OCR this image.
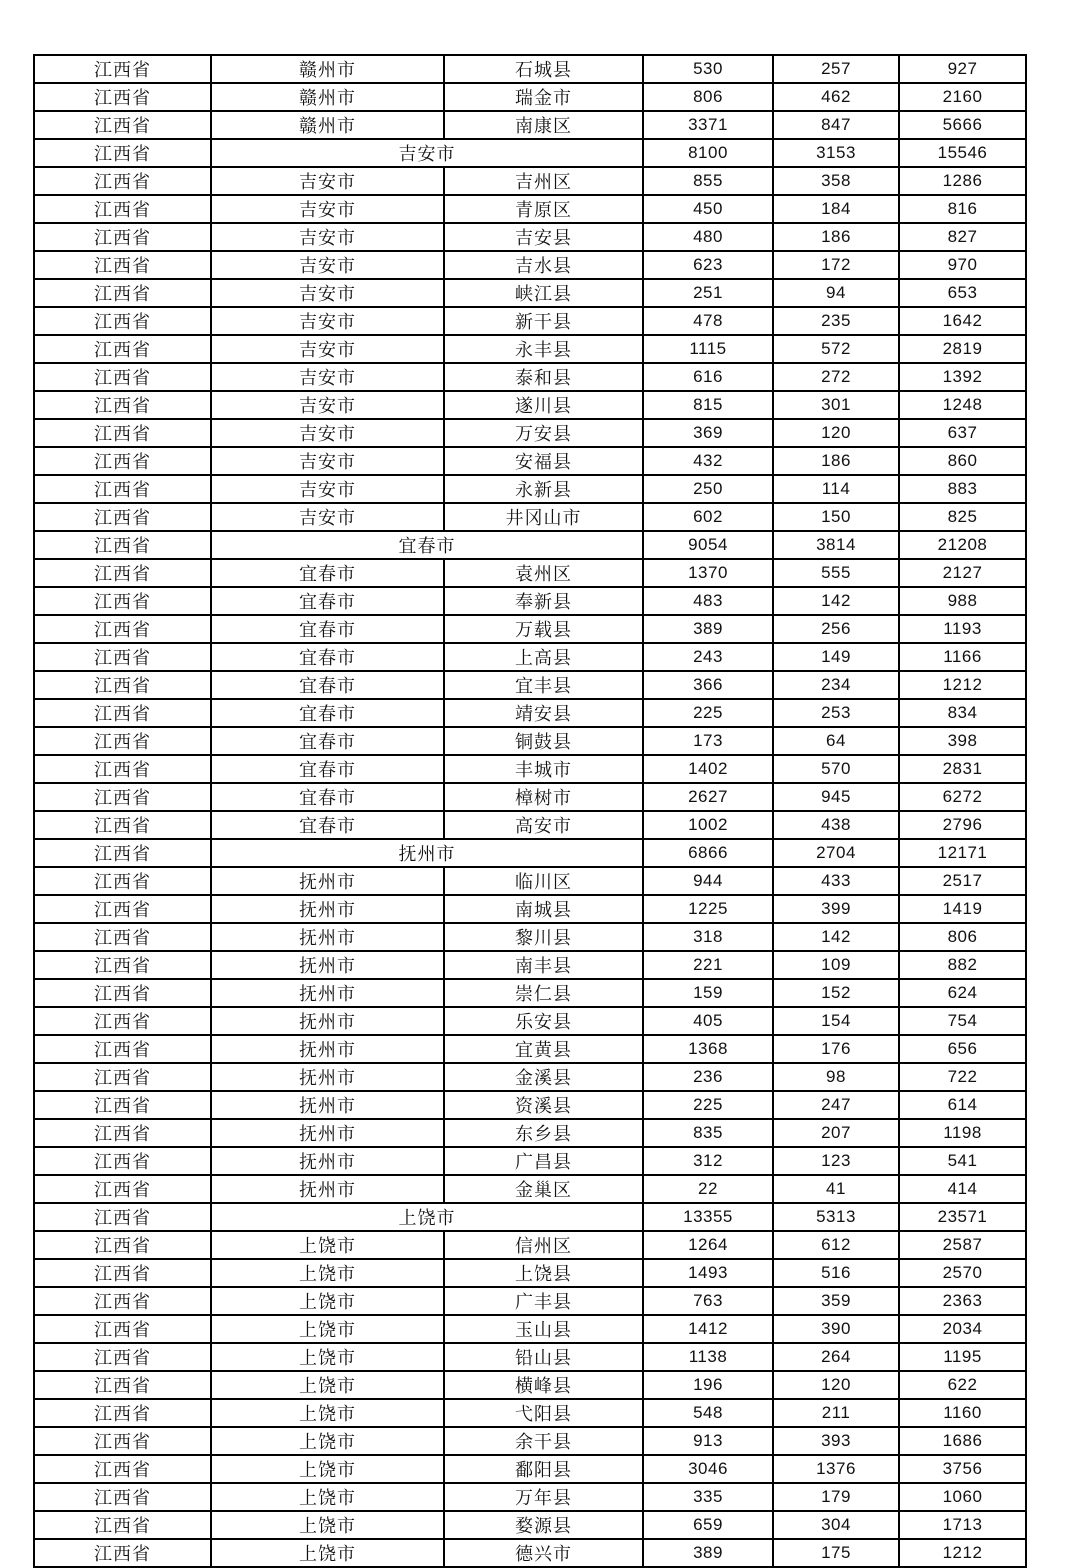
江西省	赣州市	石城县	530	257	927
江西省	赣州市	瑞金市	806	462	2160
江西省	赣州市	南康区	3371	847	5666
江西省	吉安市		8100	3153	15546
江西省	吉安市	吉州区	855	358	1286
江西省	吉安市	青原区	450	184	816
江西省	吉安市	吉安县	480	186	827
江西省	吉安市	吉水县	623	172	970
江西省	吉安市	峡江县	251	94	653
江西省	吉安市	新干县	478	235	1642
江西省	吉安市	永丰县	1115	572	2819
江西省	吉安市	泰和县	616	272	1392
江西省	吉安市	遂川县	815	301	1248
江西省	吉安市	万安县	369	120	637
江西省	吉安市	安福县	432	186	860
江西省	吉安市	永新县	250	114	883
江西省	吉安市	井冈山市	602	150	825
江西省	宜春市		9054	3814	21208
江西省	宜春市	袁州区	1370	555	2127
江西省	宜春市	奉新县	483	142	988
江西省	宜春市	万载县	389	256	1193
江西省	宜春市	上高县	243	149	1166
江西省	宜春市	宜丰县	366	234	1212
江西省	宜春市	靖安县	225	253	834
江西省	宜春市	铜鼓县	173	64	398
江西省	宜春市	丰城市	1402	570	2831
江西省	宜春市	樟树市	2627	945	6272
江西省	宜春市	高安市	1002	438	2796
江西省	抚州市		6866	2704	12171
江西省	抚州市	临川区	944	433	2517
江西省	抚州市	南城县	1225	399	1419
江西省	抚州市	黎川县	318	142	806
江西省	抚州市	南丰县	221	109	882
江西省	抚州市	崇仁县	159	152	624
江西省	抚州市	乐安县	405	154	754
江西省	抚州市	宜黄县	1368	176	656
江西省	抚州市	金溪县	236	98	722
江西省	抚州市	资溪县	225	247	614
江西省	抚州市	东乡县	835	207	1198
江西省	抚州市	广昌县	312	123	541
江西省	抚州市	金巢区	22	41	414
江西省	上饶市		13355	5313	23571
江西省	上饶市	信州区	1264	612	2587
江西省	上饶市	上饶县	1493	516	2570
江西省	上饶市	广丰县	763	359	2363
江西省	上饶市	玉山县	1412	390	2034
江西省	上饶市	铅山县	1138	264	1195
江西省	上饶市	横峰县	196	120	622
江西省	上饶市	弋阳县	548	211	1160
江西省	上饶市	余干县	913	393	1686
江西省	上饶市	鄱阳县	3046	1376	3756
江西省	上饶市	万年县	335	179	1060
江西省	上饶市	婺源县	659	304	1713
江西省	上饶市	德兴市	389	175	1212
